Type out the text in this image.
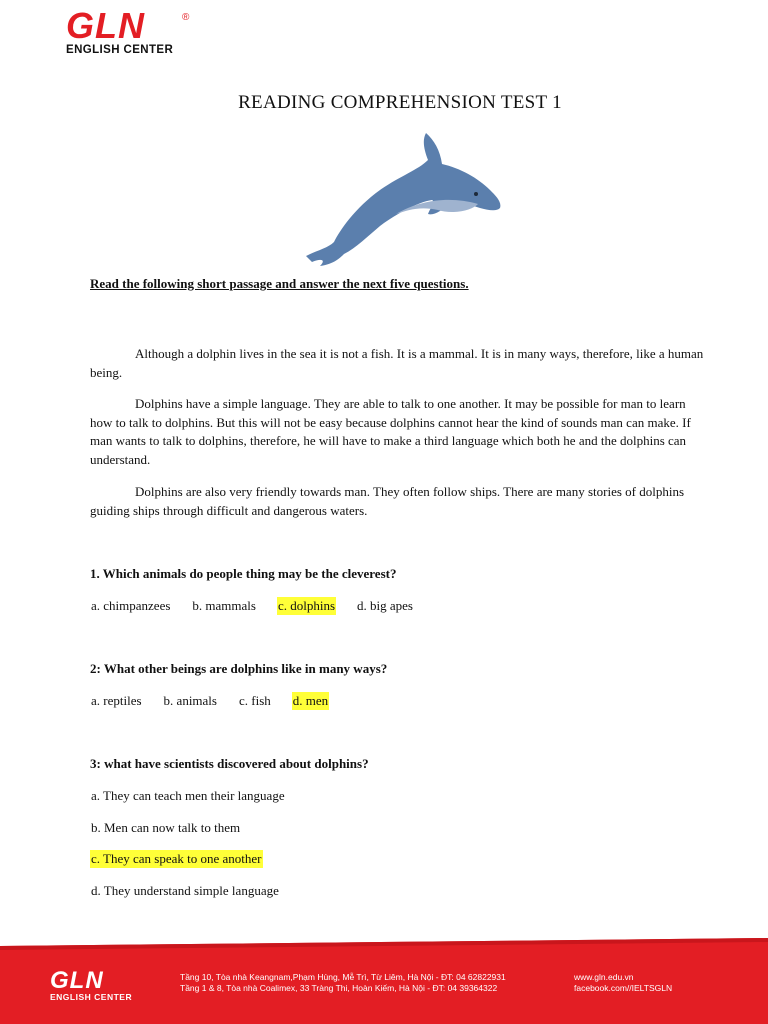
GLN	®
ENGLISH CENTER
READING COMPREHENSION TEST 1
Read the following short passage and answer the next five questions.

Although a dolphin lives in the sea it is not a fish. It is a mammal. It is in many ways, therefore, like a human being.

Dolphins have a simple language. They are able to talk to one another. It may be possible for man to learn how to talk to dolphins. But this will not be easy because dolphins cannot hear the kind of sounds man can make. If man wants to talk to dolphins, therefore, he will have to make a third language which both he and the dolphins can understand.

Dolphins are also very friendly towards man. They often follow ships. There are many stories of dolphins guiding ships through difficult and dangerous waters.

1. Which animals do people thing may be the cleverest?
a. chimpanzees b. mammals c. dolphins d. big apes
2: What other beings are dolphins like in many ways?
a. reptiles b. animals c. fish d. men
3: what have scientists discovered about dolphins?
a. They can teach men their language
b. Men can now talk to them
c. They can speak to one another
d. They understand simple language
GLN
ENGLISH CENTER
Tầng 10, Tòa nhà Keangnam,Phạm Hùng, Mễ Trì, Từ Liêm, Hà Nội - ĐT: 04 62822931
Tầng 1 & 8, Tòa nhà Coalimex, 33 Tràng Thi, Hoàn Kiếm, Hà Nội - ĐT: 04 39364322
www.gln.edu.vn
facebook.com//IELTSGLN
